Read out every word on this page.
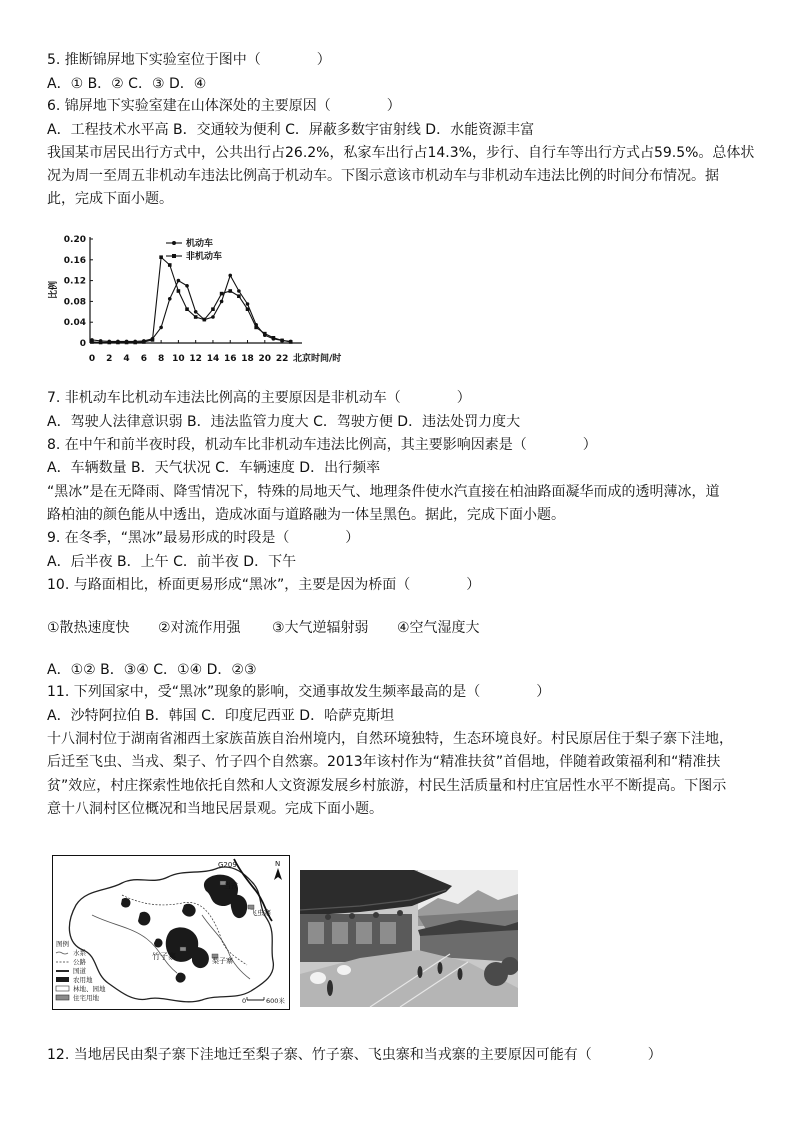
5. 推断锦屏地下实验室位于图中（　　　　）
A．① B．② C．③ D．④
6. 锦屏地下实验室建在山体深处的主要原因（　　　　）
A．工程技术水平高 B．交通较为便利 C．屏蔽多数宇宙射线 D．水能资源丰富
我国某市居民出行方式中，公共出行占26.2%，私家车出行占14.3%，步行、自行车等出行方式占59.5%。总体状
况为周一至周五非机动车违法比例高于机动车。下图示意该市机动车与非机动车违法比例的时间分布情况。据
此，完成下面小题。
比例
北京时间/时
机动车
非机动车
0
0.04
0.08
0.12
0.16
0.20
0 2 4 6 8 10 12 14 16 18 20 22
7. 非机动车比机动车违法比例高的主要原因是非机动车（　　　　）
A．驾驶人法律意识弱 B．违法监管力度大 C．驾驶方便 D．违法处罚力度大
8. 在中午和前半夜时段，机动车比非机动车违法比例高，其主要影响因素是（　　　　）
A．车辆数量 B．天气状况 C．车辆速度 D．出行频率
“黑冰”是在无降雨、降雪情况下，特殊的局地天气、地理条件使水汽直接在柏油路面凝华而成的透明薄冰，道
路柏油的颜色能从中透出，造成冰面与道路融为一体呈黑色。据此，完成下面小题。
9. 在冬季，“黑冰”最易形成的时段是（　　　　）
A．后半夜 B．上午 C．前半夜 D．下午
10. 与路面相比，桥面更易形成“黑冰”，主要是因为桥面（　　　　）
①散热速度快 ②对流作用强 ③大气逆辐射弱 ④空气湿度大
A．①② B．③④ C．①④ D．②③
11. 下列国家中，受“黑冰”现象的影响，交通事故发生频率最高的是（　　　　）
A．沙特阿拉伯 B．韩国 C．印度尼西亚 D．哈萨克斯坦
十八洞村位于湖南省湘西土家族苗族自治州境内，自然环境独特，生态环境良好。村民原居住于梨子寨下洼地，
后迁至飞虫、当戎、梨子、竹子四个自然寨。2013年该村作为“精准扶贫”首倡地，伴随着政策福利和“精准扶
贫”效应，村庄探索性地依托自然和人文资源发展乡村旅游，村民生活质量和村庄宜居性水平不断提高。下图示
意十八洞村区位概况和当地民居景观。完成下面小题。
G209	N
当戎
飞虫寨
竹子寨	梨子寨
图例
水系
公路
国道
农用地
林地、园地
住宅用地	0	600米
12. 当地居民由梨子寨下洼地迁至梨子寨、竹子寨、飞虫寨和当戎寨的主要原因可能有（　　　　）
